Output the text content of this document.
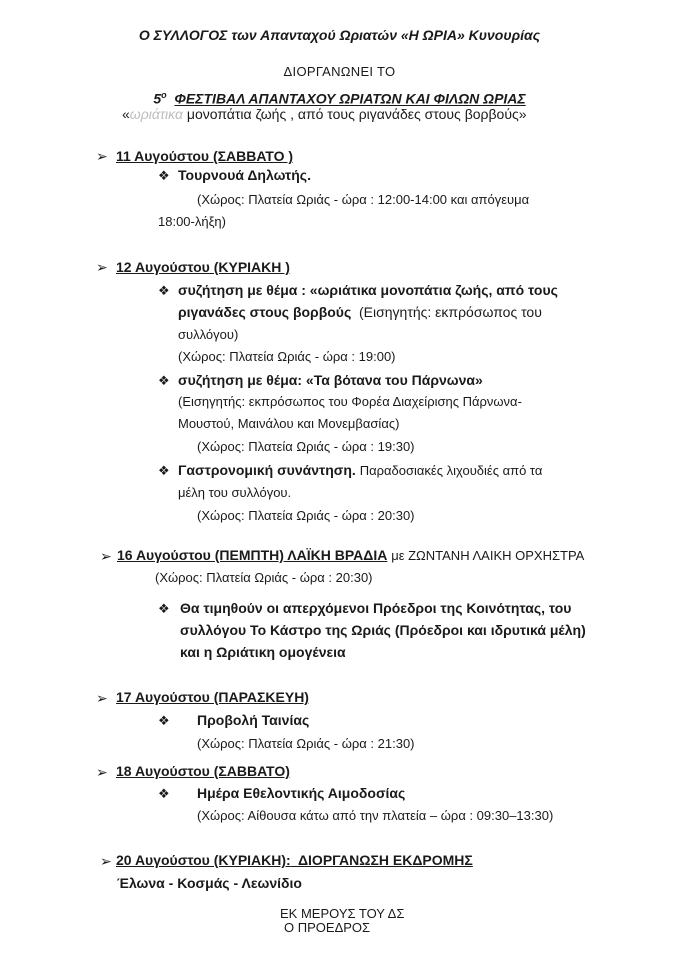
Ο ΣΥΛΛΟΓΟΣ των Απανταχού Ωριατών «Η ΩΡΙΑ» Κυνουρίας
ΔΙΟΡΓΑΝΩΝΕΙ ΤΟ
$5^o$ ΦΕΣΤΙΒΑΛ ΑΠΑΝΤΑΧΟΥ ΩΡΙΑΤΩΝ ΚΑΙ ΦΙΛΩΝ ΩΡΙΑΣ
«ωριάτικα μονοπάτια ζωής , από τους ριγανάδες στους βορβούς»
➢ 11 Αυγούστου (ΣΑΒΒΑΤΟ )
❖ Τουρνουά Δηλωτής.
(Χώρος: Πλατεία Ωριάς - ώρα : 12:00-14:00 και απόγευμα
18:00-λήξη)
➢ 12 Αυγούστου (ΚΥΡΙΑΚΗ )
❖ συζήτηση με θέμα : «ωριάτικα μονοπάτια ζωής, από τους
ριγανάδες στους βορβούς (Εισηγητής: εκπρόσωπος του
συλλόγου)
(Χώρος: Πλατεία Ωριάς - ώρα : 19:00)
❖ συζήτηση με θέμα: «Τα βότανα του Πάρνωνα»
(Εισηγητής: εκπρόσωπος του Φορέα Διαχείρισης Πάρνωνα-
Μουστού, Μαινάλου και Μονεμβασίας)
(Χώρος: Πλατεία Ωριάς - ώρα : 19:30)
❖ Γαστρονομική συνάντηση. Παραδοσιακές λιχουδιές από τα
μέλη του συλλόγου.
(Χώρος: Πλατεία Ωριάς - ώρα : 20:30)
➢ 16 Αυγούστου (ΠΕΜΠΤΗ) ΛΑΪΚΗ ΒΡΑΔΙΑ με ΖΩΝΤΑΝΗ ΛΑΙΚΗ ΟΡΧΗΣΤΡΑ
(Χώρος: Πλατεία Ωριάς - ώρα : 20:30)
❖ Θα τιμηθούν οι απερχόμενοι Πρόεδροι της Κοινότητας, του
συλλόγου Το Κάστρο της Ωριάς (Πρόεδροι και ιδρυτικά μέλη)
και η Ωριάτικη ομογένεια
➢ 17 Αυγούστου (ΠΑΡΑΣΚΕΥΗ)
❖ Προβολή Ταινίας
(Χώρος: Πλατεία Ωριάς - ώρα : 21:30)
➢ 18 Αυγούστου (ΣΑΒΒΑΤΟ)
❖ Ημέρα Εθελοντικής Αιμοδοσίας
(Χώρος: Αίθουσα κάτω από την πλατεία – ώρα : 09:30–13:30)
➢ 20 Αυγούστου (ΚΥΡΙΑΚΗ): ΔΙΟΡΓΑΝΩΣΗ ΕΚΔΡΟΜΗΣ
Έλωνα - Κοσμάς - Λεωνίδιο
ΕΚ ΜΕΡΟΥΣ ΤΟΥ ΔΣ
Ο ΠΡΟΕΔΡΟΣ
